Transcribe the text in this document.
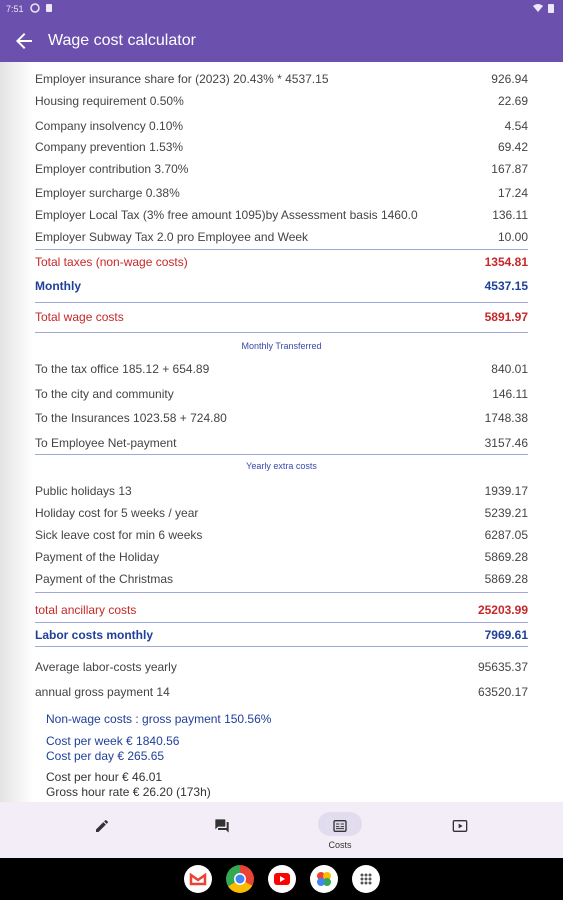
7:51
Wage cost calculator
Employer insurance share for (2023) 20.43% * 4537.15	926.94
Housing requirement 0.50%	22.69
Company insolvency 0.10%	4.54
Company prevention 1.53%	69.42
Employer contribution 3.70%	167.87
Employer surcharge 0.38%	17.24
Employer Local Tax (3% free amount 1095)by Assessment basis 1460.0	136.11
Employer Subway Tax 2.0 pro Employee and Week	10.00
Total taxes (non-wage costs)	1354.81
Monthly	4537.15
Total wage costs	5891.97
Monthly Transferred
To the tax office 185.12 + 654.89	840.01
To the city and community	146.11
To the Insurances 1023.58 + 724.80	1748.38
To Employee Net-payment	3157.46
Yearly extra costs
Public holidays 13	1939.17
Holiday cost for 5 weeks / year	5239.21
Sick leave cost for min 6 weeks	6287.05
Payment of the Holiday	5869.28
Payment of the Christmas	5869.28
total ancillary costs	25203.99
Labor costs monthly	7969.61
Average labor-costs yearly	95635.37
annual gross payment 14	63520.17
Non-wage costs : gross payment 150.56%
Cost per week € 1840.56
Cost per day € 265.65
Cost per hour € 46.01
Gross hour rate € 26.20 (173h)
Costs
